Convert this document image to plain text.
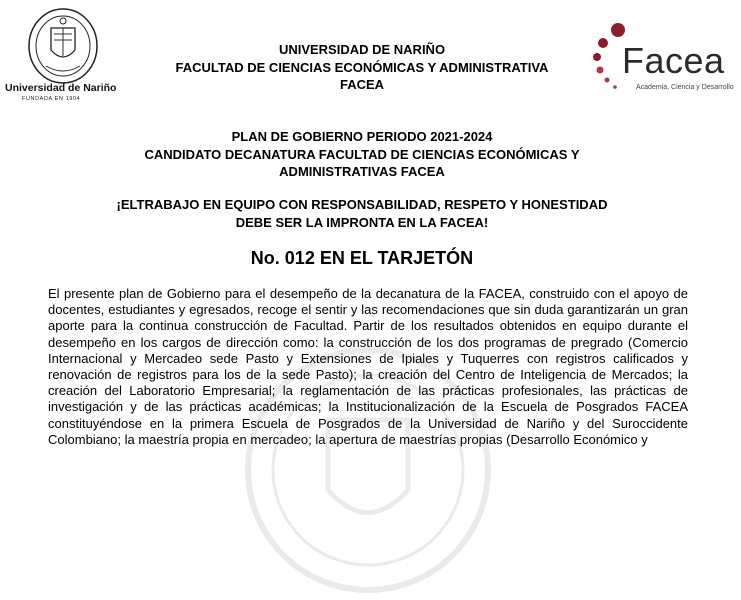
Universidad de Nariño
FUNDADA EN 1904
Facea
Academia, Ciencia y Desarrollo
UNIVERSIDAD DE NARIÑO
FACULTAD DE CIENCIAS ECONÓMICAS Y ADMINISTRATIVA
FACEA
PLAN DE GOBIERNO PERIODO 2021-2024
CANDIDATO DECANATURA FACULTAD DE CIENCIAS ECONÓMICAS Y
ADMINISTRATIVAS FACEA
¡ELTRABAJO EN EQUIPO CON RESPONSABILIDAD, RESPETO Y HONESTIDAD
DEBE SER LA IMPRONTA EN LA FACEA!
No. 012 EN EL TARJETÓN

El presente plan de Gobierno para el desempeño de la decanatura de la FACEA, construido con el apoyo de docentes, estudiantes y egresados, recoge el sentir y las recomendaciones que sin duda garantizarán un gran aporte para la continua construcción de Facultad. Partir de los resultados obtenidos en equipo durante el desempeño en los cargos de dirección como: la construcción de los dos programas de pregrado (Comercio Internacional y Mercadeo sede Pasto y Extensiones de Ipiales y Tuquerres con registros calificados y renovación de registros para los de la sede Pasto); la creación del Centro de Inteligencia de Mercados; la creación del Laboratorio Empresarial; la reglamentación de las prácticas profesionales, las prácticas de investigación y de las prácticas académicas; la Institucionalización de la Escuela de Posgrados FACEA constituyéndose en la primera Escuela de Posgrados de la Universidad de Nariño y del Suroccidente Colombiano; la maestría propia en mercadeo; la apertura de maestrías propias (Desarrollo Económico y
